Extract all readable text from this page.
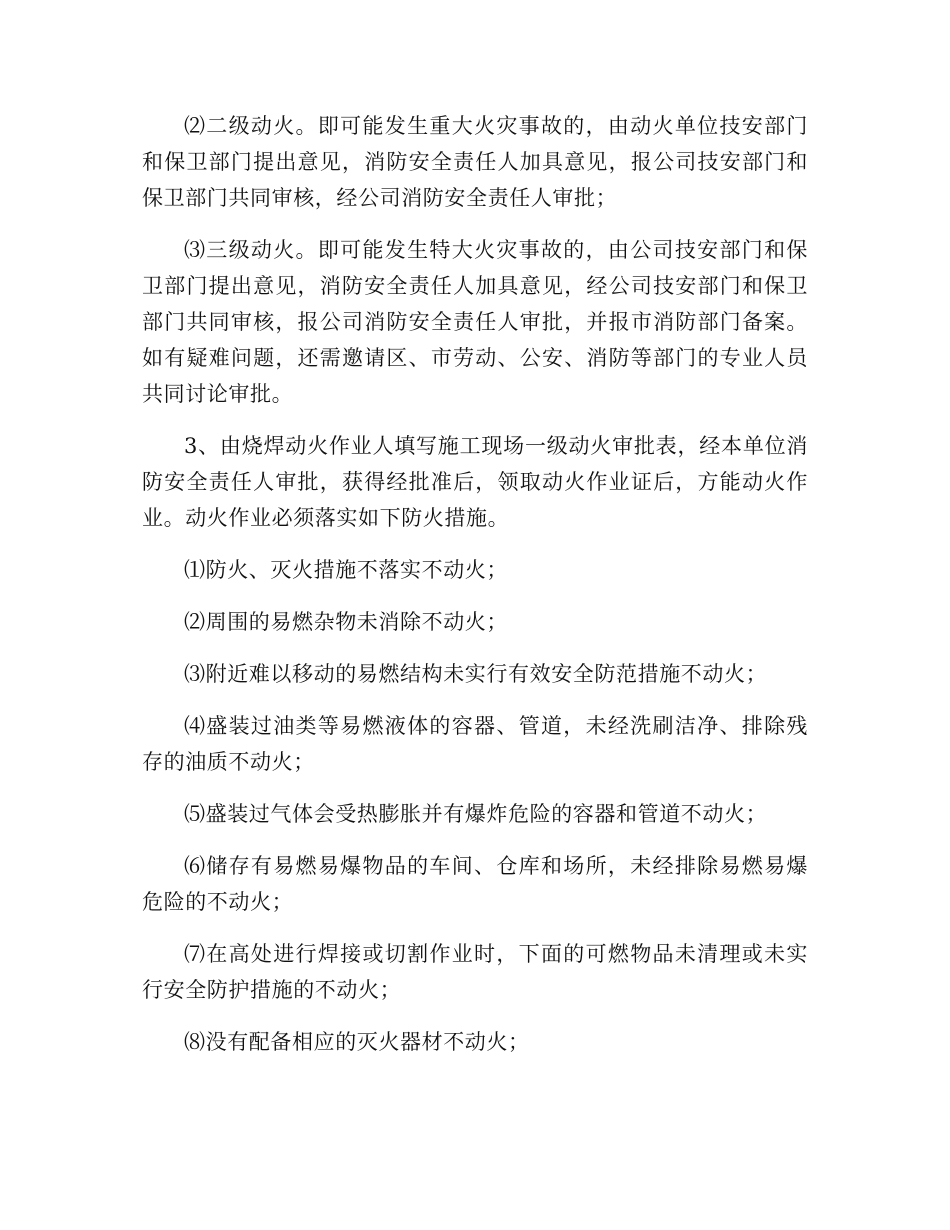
⑵二级动火。即可能发生重大火灾事故的，由动火单位技安部门和保卫部门提出意见，消防安全责任人加具意见，报公司技安部门和保卫部门共同审核，经公司消防安全责任人审批；

⑶三级动火。即可能发生特大火灾事故的，由公司技安部门和保卫部门提出意见，消防安全责任人加具意见，经公司技安部门和保卫部门共同审核，报公司消防安全责任人审批，并报市消防部门备案。如有疑难问题，还需邀请区、市劳动、公安、消防等部门的专业人员共同讨论审批。

3、由烧焊动火作业人填写施工现场一级动火审批表，经本单位消防安全责任人审批，获得经批准后，领取动火作业证后，方能动火作业。动火作业必须落实如下防火措施。

⑴防火、灭火措施不落实不动火；

⑵周围的易燃杂物未消除不动火；

⑶附近难以移动的易燃结构未实行有效安全防范措施不动火；

⑷盛装过油类等易燃液体的容器、管道，未经洗刷洁净、排除残存的油质不动火；

⑸盛装过气体会受热膨胀并有爆炸危险的容器和管道不动火；

⑹储存有易燃易爆物品的车间、仓库和场所，未经排除易燃易爆危险的不动火；

⑺在高处进行焊接或切割作业时，下面的可燃物品未清理或未实行安全防护措施的不动火；

⑻没有配备相应的灭火器材不动火；
